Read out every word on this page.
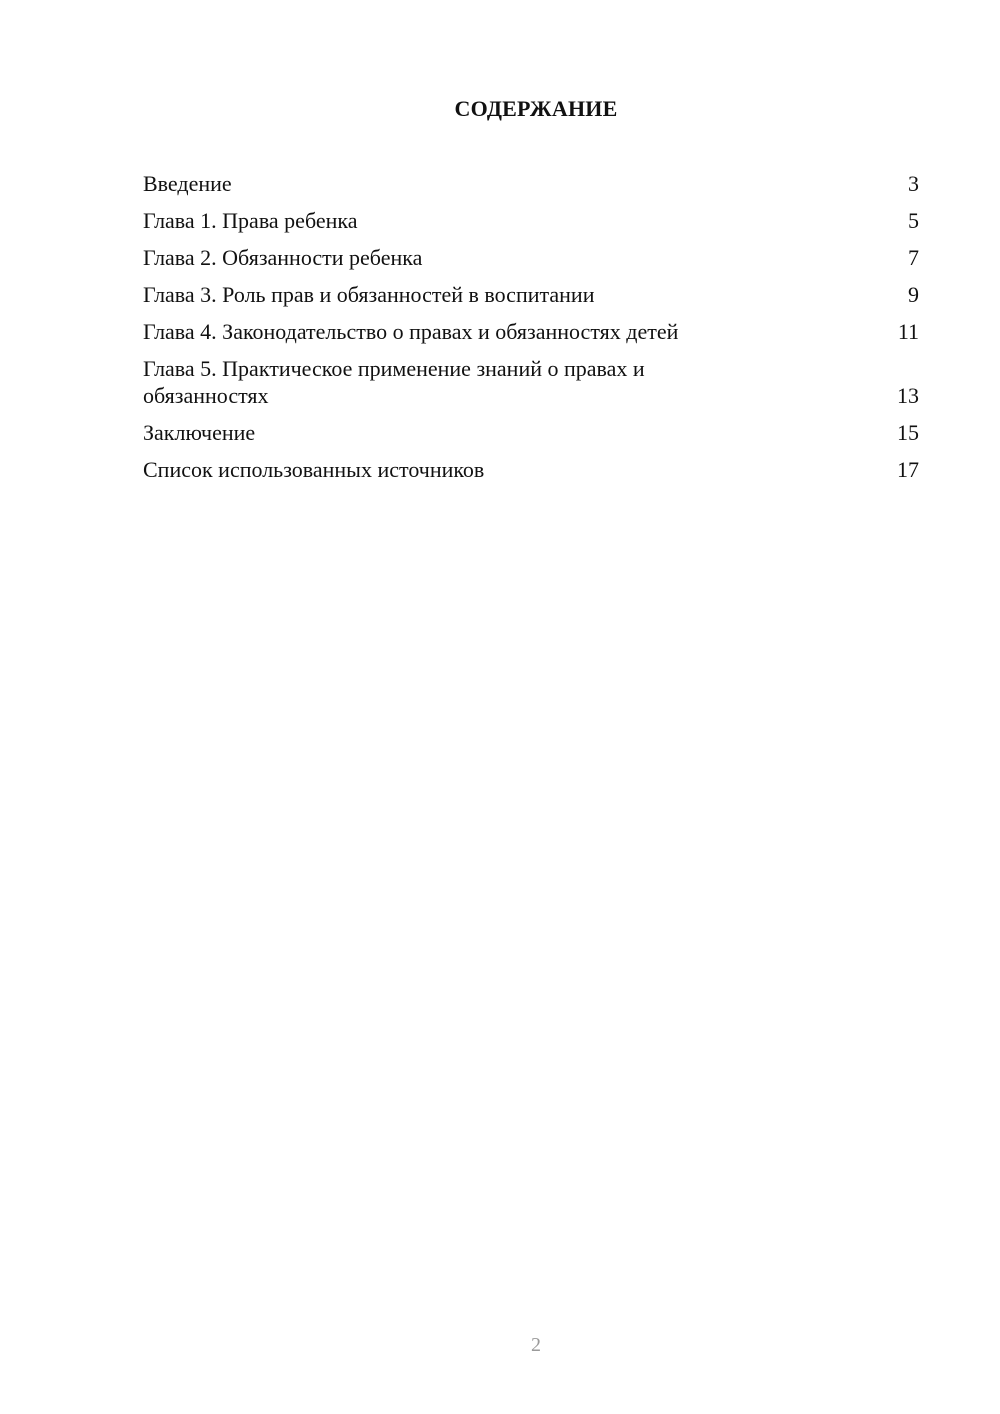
СОДЕРЖАНИЕ
Введение	3
Глава 1. Права ребенка	5
Глава 2. Обязанности ребенка	7
Глава 3. Роль прав и обязанностей в воспитании	9
Глава 4. Законодательство о правах и обязанностях детей	11
Глава 5. Практическое применение знаний о правах и обязанностях	13
Заключение	15
Список использованных источников	17
2
